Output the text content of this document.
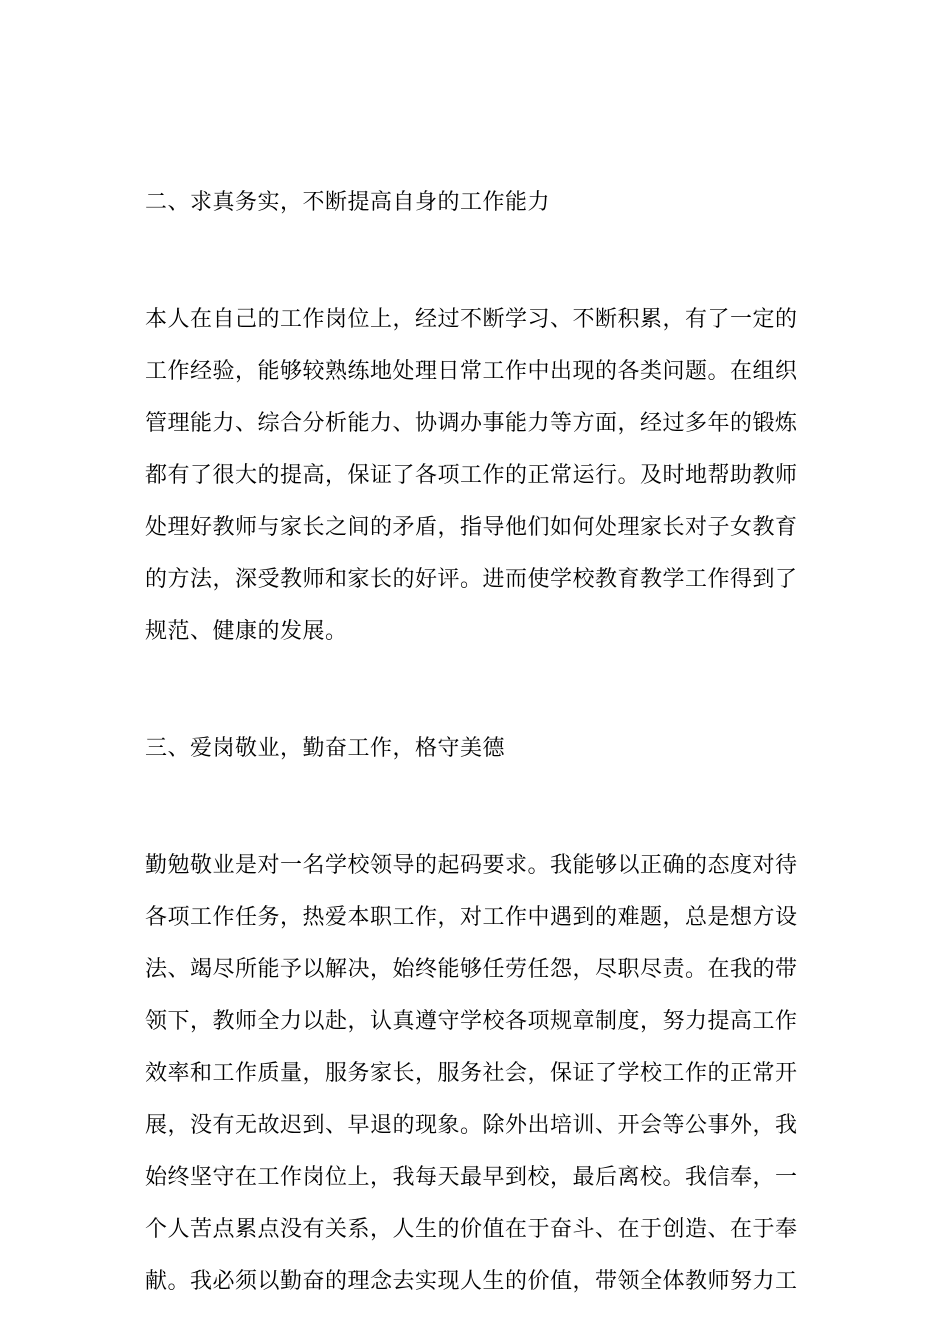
二、求真务实，不断提高自身的工作能力
本人在自己的工作岗位上，经过不断学习、不断积累，有了一定的
工作经验，能够较熟练地处理日常工作中出现的各类问题。在组织
管理能力、综合分析能力、协调办事能力等方面，经过多年的锻炼
都有了很大的提高，保证了各项工作的正常运行。及时地帮助教师
处理好教师与家长之间的矛盾，指导他们如何处理家长对子女教育
的方法，深受教师和家长的好评。进而使学校教育教学工作得到了
规范、健康的发展。
三、爱岗敬业，勤奋工作，格守美德
勤勉敬业是对一名学校领导的起码要求。我能够以正确的态度对待
各项工作任务，热爱本职工作，对工作中遇到的难题，总是想方设
法、竭尽所能予以解决，始终能够任劳任怨，尽职尽责。在我的带
领下，教师全力以赴，认真遵守学校各项规章制度，努力提高工作
效率和工作质量，服务家长，服务社会，保证了学校工作的正常开
展，没有无故迟到、早退的现象。除外出培训、开会等公事外，我
始终坚守在工作岗位上，我每天最早到校，最后离校。我信奉，一
个人苦点累点没有关系，人生的价值在于奋斗、在于创造、在于奉
献。我必须以勤奋的理念去实现人生的价值，带领全体教师努力工
